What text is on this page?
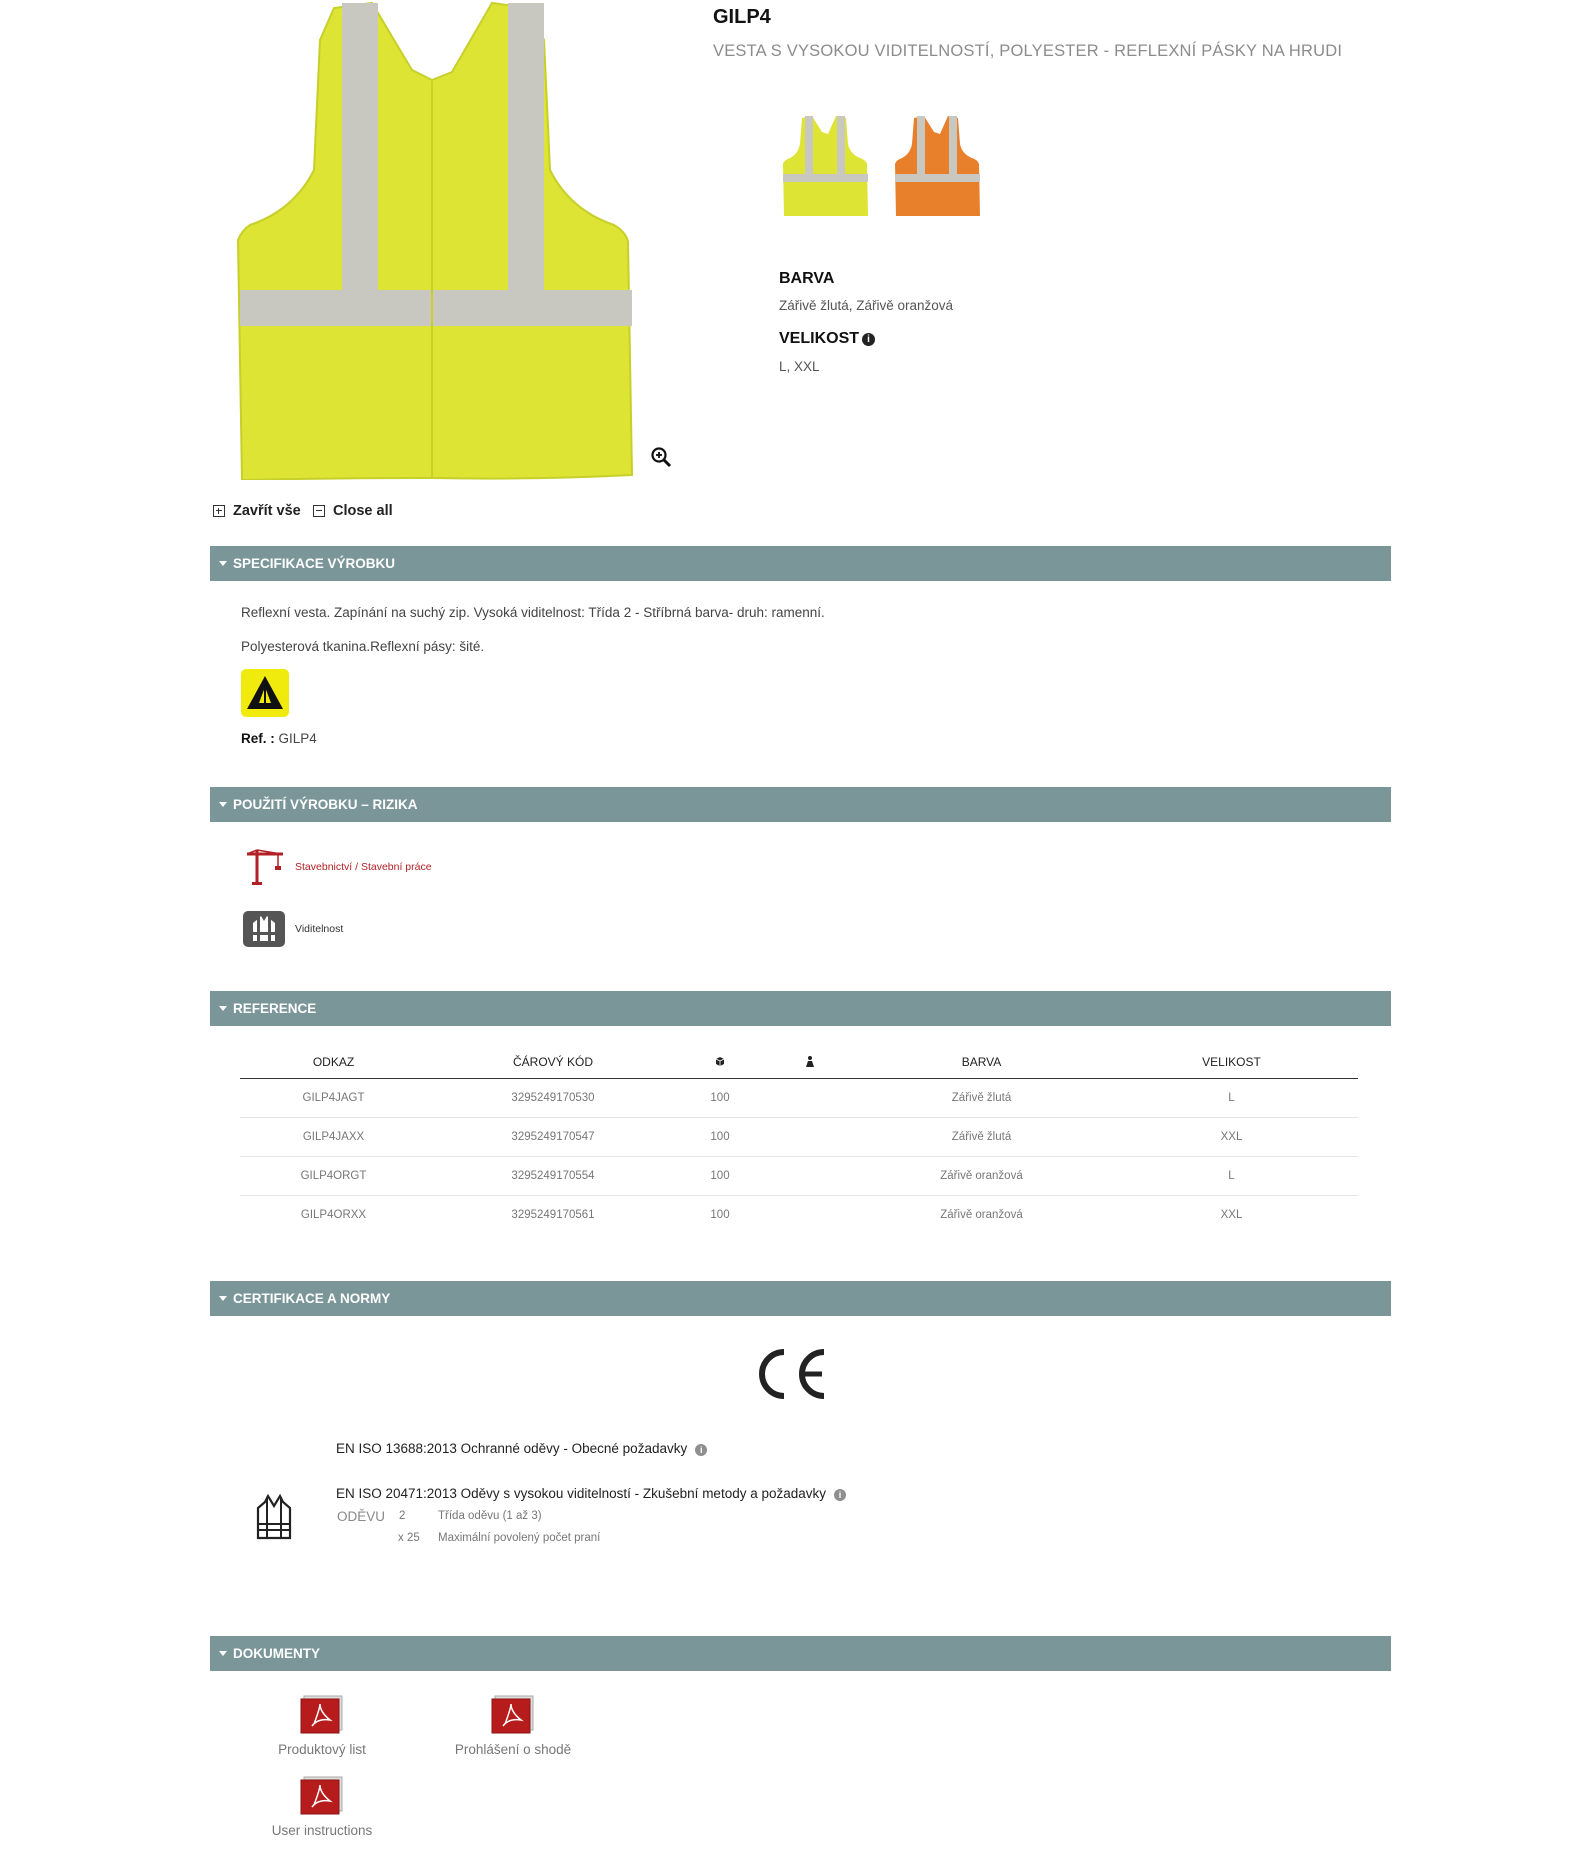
GILP4
VESTA S VYSOKOU VIDITELNOSTÍ, POLYESTER - REFLEXNÍ PÁSKY NA HRUDI
BARVA
Zářivě žlutá, Zářivě oranžová
VELIKOST i
L, XXL
Zavřít vše Close all
SPECIFIKACE VÝROBKU
Reflexní vesta. Zapínání na suchý zip. Vysoká viditelnost: Třída 2 - Stříbrná barva- druh: ramenní.
Polyesterová tkanina.Reflexní pásy: šité.
Ref. : GILP4
POUŽITÍ VÝROBKU – RIZIKA
Stavebnictví / Stavební práce
Viditelnost
REFERENCE
ODKAZ	ČÁROVÝ KÓD			BARVA	VELIKOST
GILP4JAGT	3295249170530	100		Zářivě žlutá	L
GILP4JAXX	3295249170547	100		Zářivě žlutá	XXL
GILP4ORGT	3295249170554	100		Zářivě oranžová	L
GILP4ORXX	3295249170561	100		Zářivě oranžová	XXL
CERTIFIKACE A NORMY
EN ISO 13688:2013 Ochranné oděvy - Obecné požadavky i
EN ISO 20471:2013 Oděvy s vysokou viditelností - Zkušební metody a požadavky i
ODĚVU 2	Třída oděvu (1 až 3)
x 25 Maximální povolený počet praní
DOKUMENTY
Produktový list	Prohlášení o shodě
User instructions
